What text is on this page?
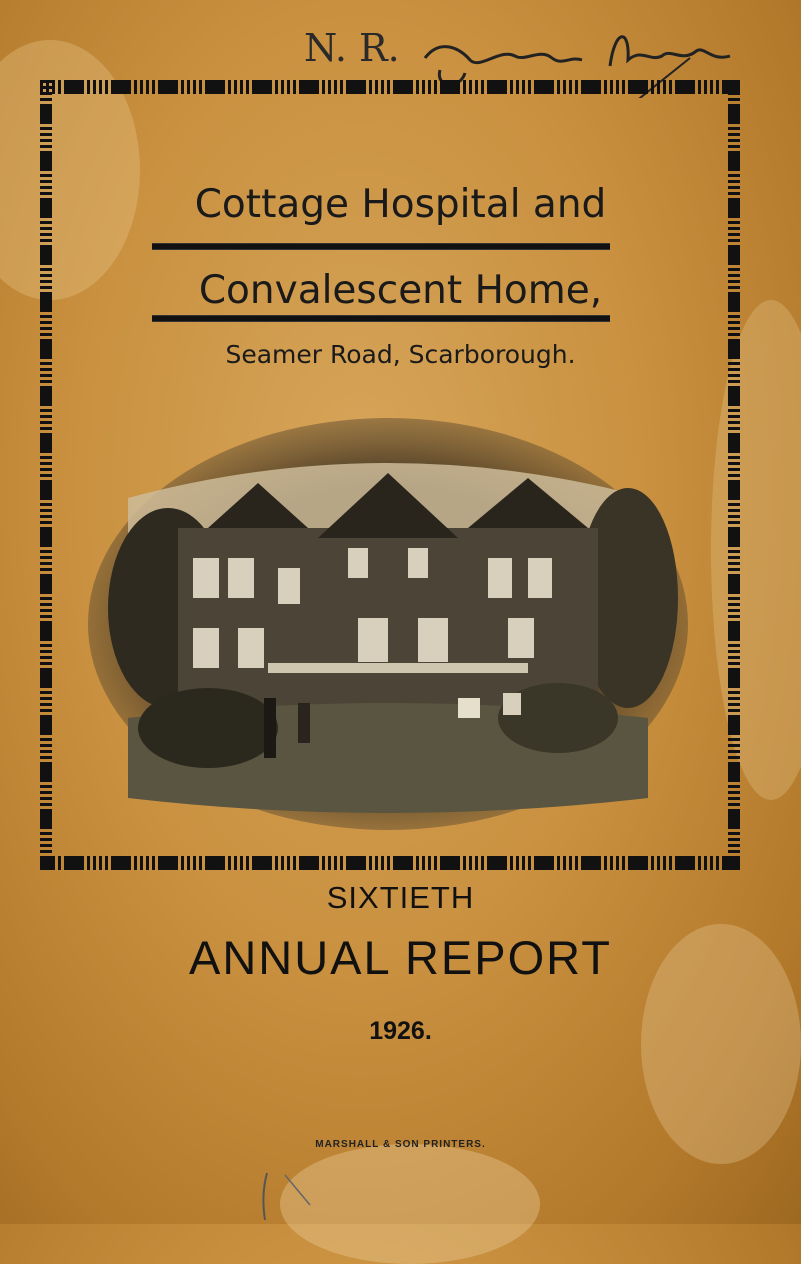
N. R.
Cottage Hospital and
Convalescent Home,
Seamer Road, Scarborough.
SIXTIETH
ANNUAL REPORT
1926.
MARSHALL & SON PRINTERS.
